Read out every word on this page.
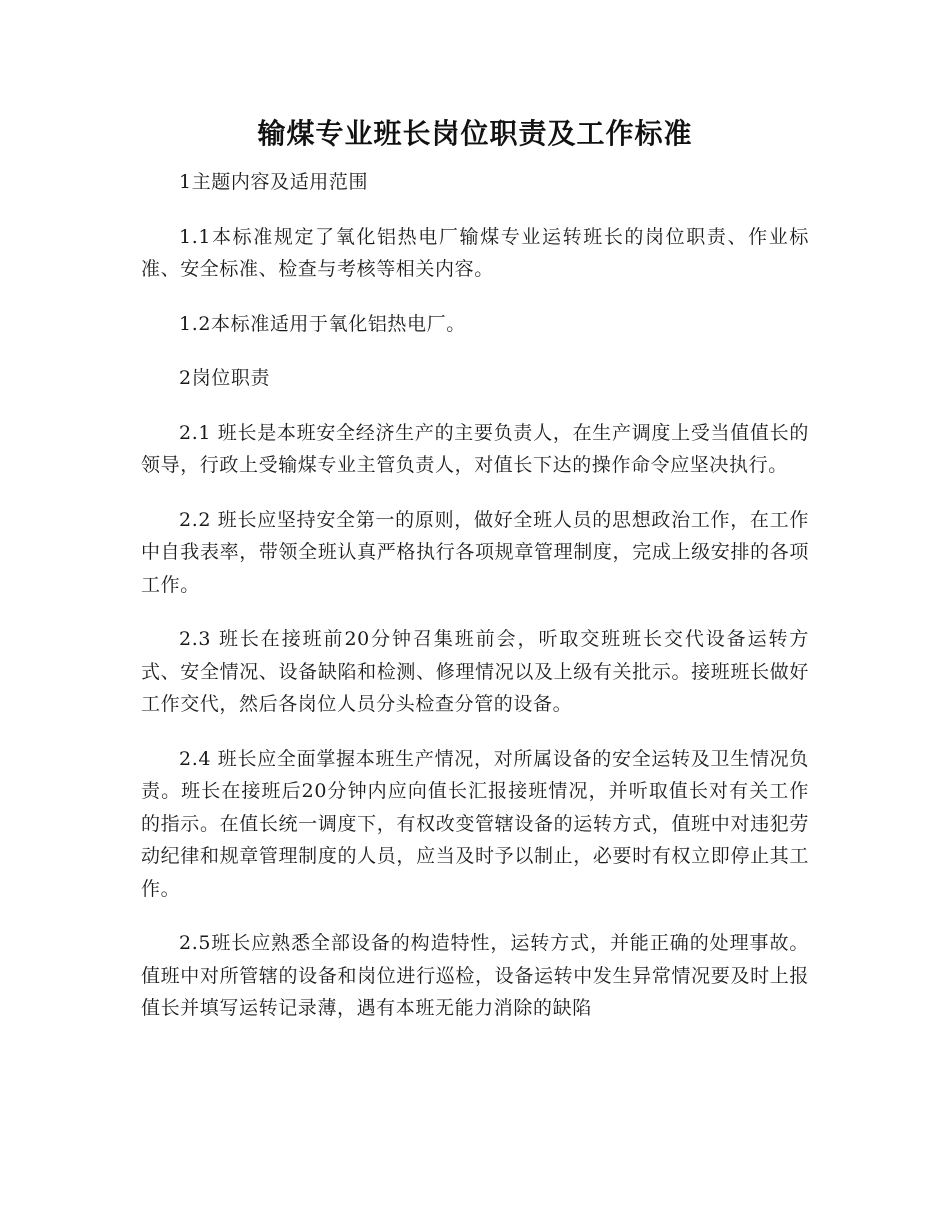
输煤专业班长岗位职责及工作标准

1主题内容及适用范围

1.1本标准规定了氧化铝热电厂输煤专业运转班长的岗位职责、作业标准、安全标准、检查与考核等相关内容。

1.2本标准适用于氧化铝热电厂。

2岗位职责

2.1 班长是本班安全经济生产的主要负责人，在生产调度上受当值值长的领导，行政上受输煤专业主管负责人，对值长下达的操作命令应坚决执行。

2.2 班长应坚持安全第一的原则，做好全班人员的思想政治工作，在工作中自我表率，带领全班认真严格执行各项规章管理制度，完成上级安排的各项工作。

2.3 班长在接班前20分钟召集班前会，听取交班班长交代设备运转方式、安全情况、设备缺陷和检测、修理情况以及上级有关批示。接班班长做好工作交代，然后各岗位人员分头检查分管的设备。

2.4 班长应全面掌握本班生产情况，对所属设备的安全运转及卫生情况负责。班长在接班后20分钟内应向值长汇报接班情况，并听取值长对有关工作的指示。在值长统一调度下，有权改变管辖设备的运转方式，值班中对违犯劳动纪律和规章管理制度的人员，应当及时予以制止，必要时有权立即停止其工作。

2.5班长应熟悉全部设备的构造特性，运转方式，并能正确的处理事故。值班中对所管辖的设备和岗位进行巡检，设备运转中发生异常情况要及时上报值长并填写运转记录薄，遇有本班无能力消除的缺陷
